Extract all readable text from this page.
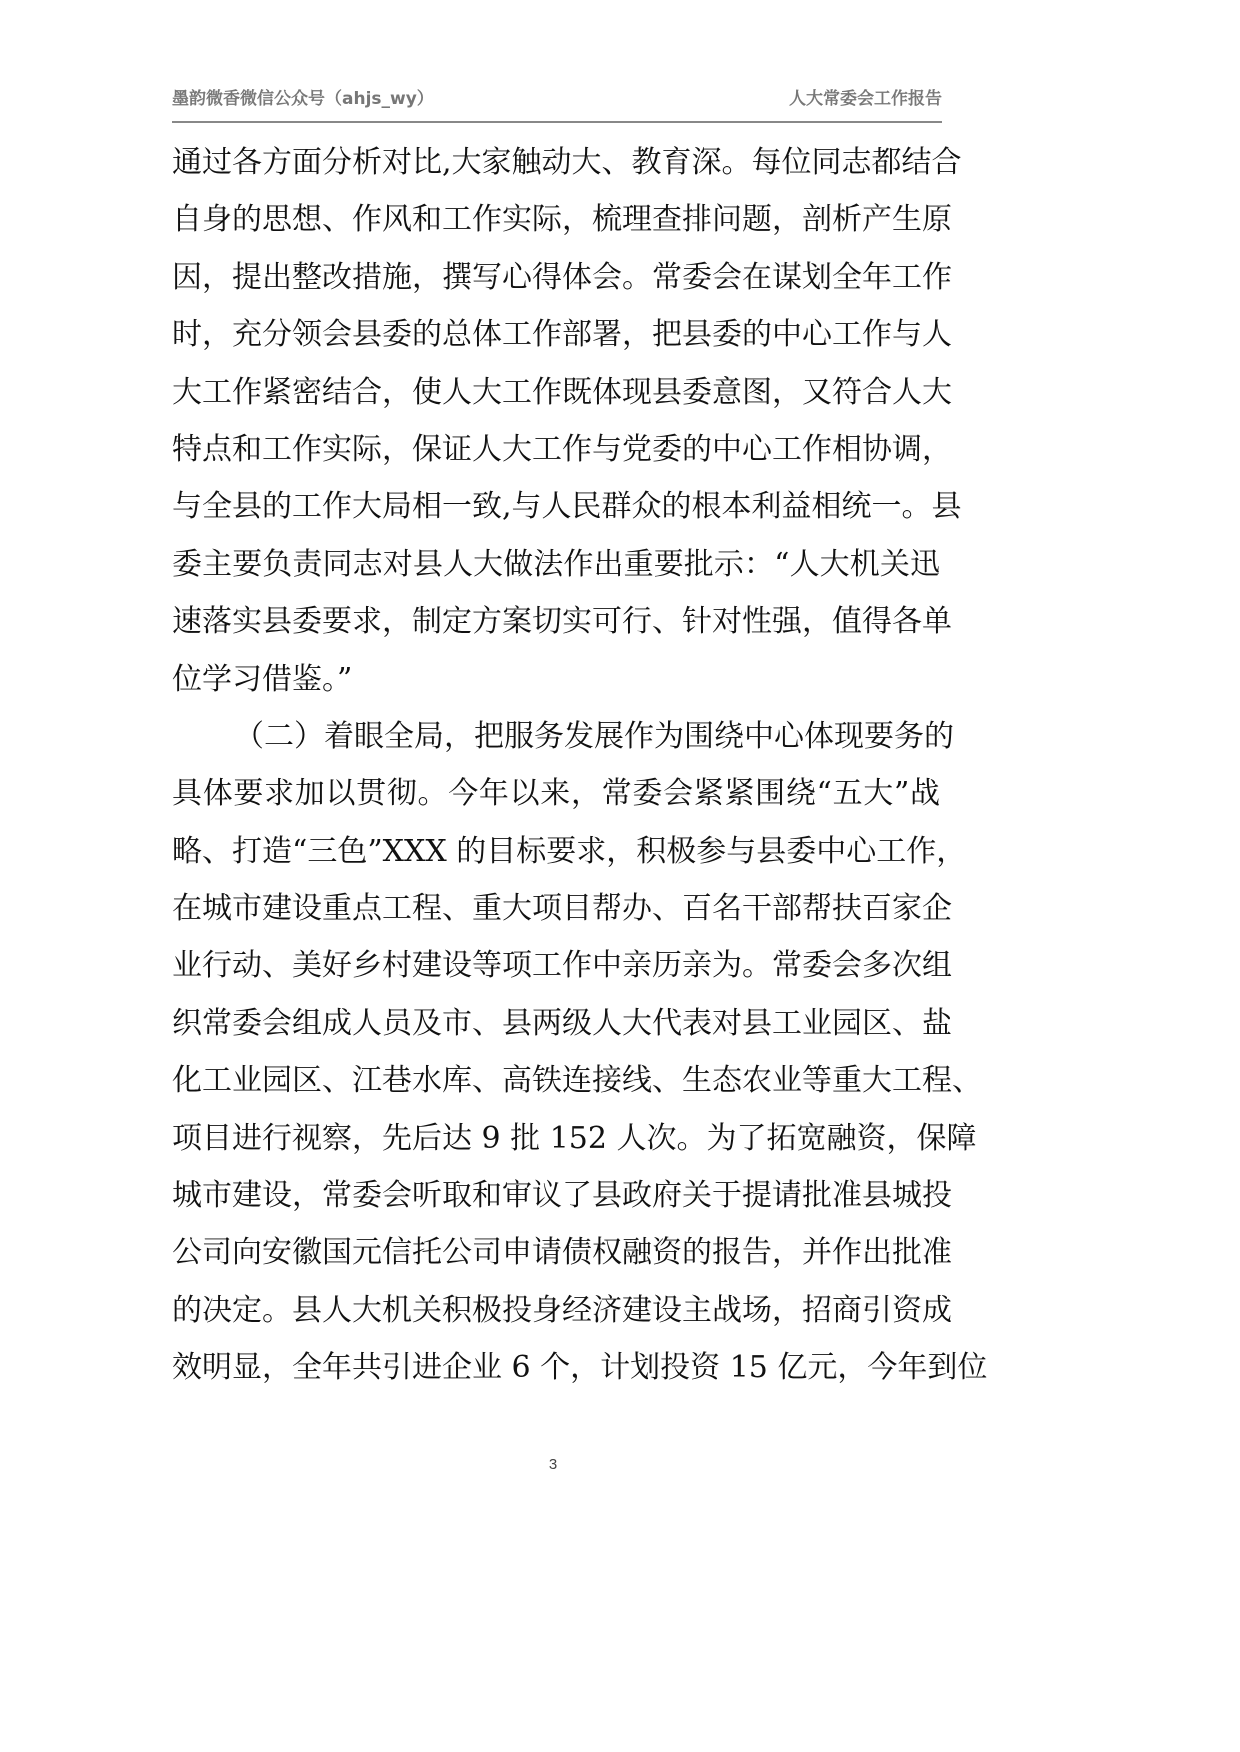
墨韵微香微信公众号（ahjs_wy）	人大常委会工作报告
通过各方面分析对比,大家触动大、教育深。每位同志都结合
自身的思想、作风和工作实际，梳理查排问题，剖析产生原
因，提出整改措施，撰写心得体会。常委会在谋划全年工作
时，充分领会县委的总体工作部署，把县委的中心工作与人
大工作紧密结合，使人大工作既体现县委意图，又符合人大
特点和工作实际，保证人大工作与党委的中心工作相协调，
与全县的工作大局相一致,与人民群众的根本利益相统一。县
委主要负责同志对县人大做法作出重要批示：“人大机关迅
速落实县委要求，制定方案切实可行、针对性强，值得各单
位学习借鉴。”
（二）着眼全局，把服务发展作为围绕中心体现要务的
具体要求加以贯彻。今年以来，常委会紧紧围绕“五大”战
略、打造“三色”XXX 的目标要求，积极参与县委中心工作，
在城市建设重点工程、重大项目帮办、百名干部帮扶百家企
业行动、美好乡村建设等项工作中亲历亲为。常委会多次组
织常委会组成人员及市、县两级人大代表对县工业园区、盐
化工业园区、江巷水库、高铁连接线、生态农业等重大工程、
项目进行视察，先后达 9 批 152 人次。为了拓宽融资，保障
城市建设，常委会听取和审议了县政府关于提请批准县城投
公司向安徽国元信托公司申请债权融资的报告，并作出批准
的决定。县人大机关积极投身经济建设主战场，招商引资成
效明显，全年共引进企业 6 个，计划投资 15 亿元，今年到位
3
